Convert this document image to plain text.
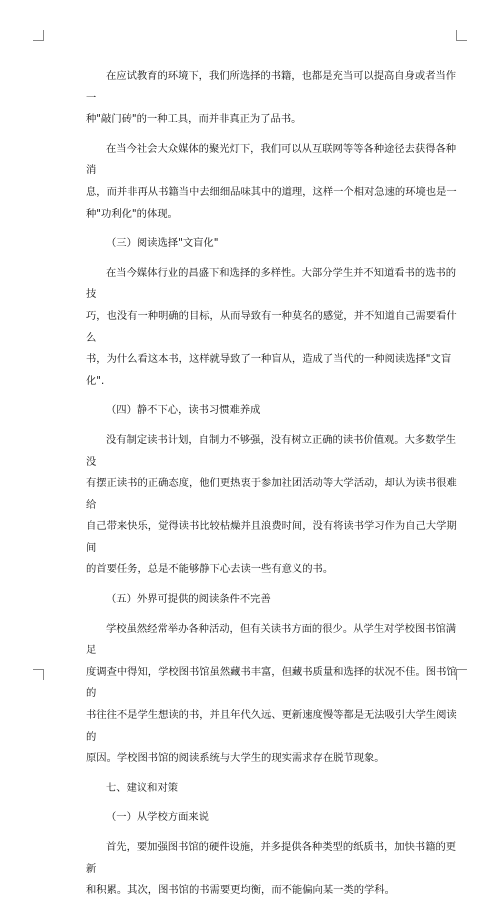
在应试教育的环境下，我们所选择的书籍，也都是充当可以提高自身或者当作一

种"敲门砖"的一种工具，而并非真正为了品书。

在当今社会大众媒体的聚光灯下，我们可以从互联网等等各种途径去获得各种消

息，而并非再从书籍当中去细细品味其中的道理，这样一个相对急速的环境也是一

种"功利化"的体现。

（三）阅读选择"文盲化"

在当今媒体行业的昌盛下和选择的多样性。大部分学生并不知道看书的选书的技

巧，也没有一种明确的目标，从而导致有一种莫名的感觉，并不知道自己需要看什么

书，为什么看这本书，这样就导致了一种盲从，造成了当代的一种阅读选择"文盲化".

（四）静不下心，读书习惯难养成

没有制定读书计划，自制力不够强，没有树立正确的读书价值观。大多数学生没

有摆正读书的正确态度，他们更热衷于参加社团活动等大学活动，却认为读书很难给

自己带来快乐，觉得读书比较枯燥并且浪费时间，没有将读书学习作为自己大学期间

的首要任务，总是不能够静下心去读一些有意义的书。

（五）外界可提供的阅读条件不完善

学校虽然经常举办各种活动，但有关读书方面的很少。从学生对学校图书馆满足

度调查中得知，学校图书馆虽然藏书丰富，但藏书质量和选择的状况不佳。图书馆的

书往往不是学生想读的书，并且年代久远、更新速度慢等都是无法吸引大学生阅读的

原因。学校图书馆的阅读系统与大学生的现实需求存在脱节现象。

七、建议和对策

（一）从学校方面来说

首先，要加强图书馆的硬件设施，并多提供各种类型的纸质书，加快书籍的更新

和积累。其次，图书馆的书需要更均衡，而不能偏向某一类的学科。
